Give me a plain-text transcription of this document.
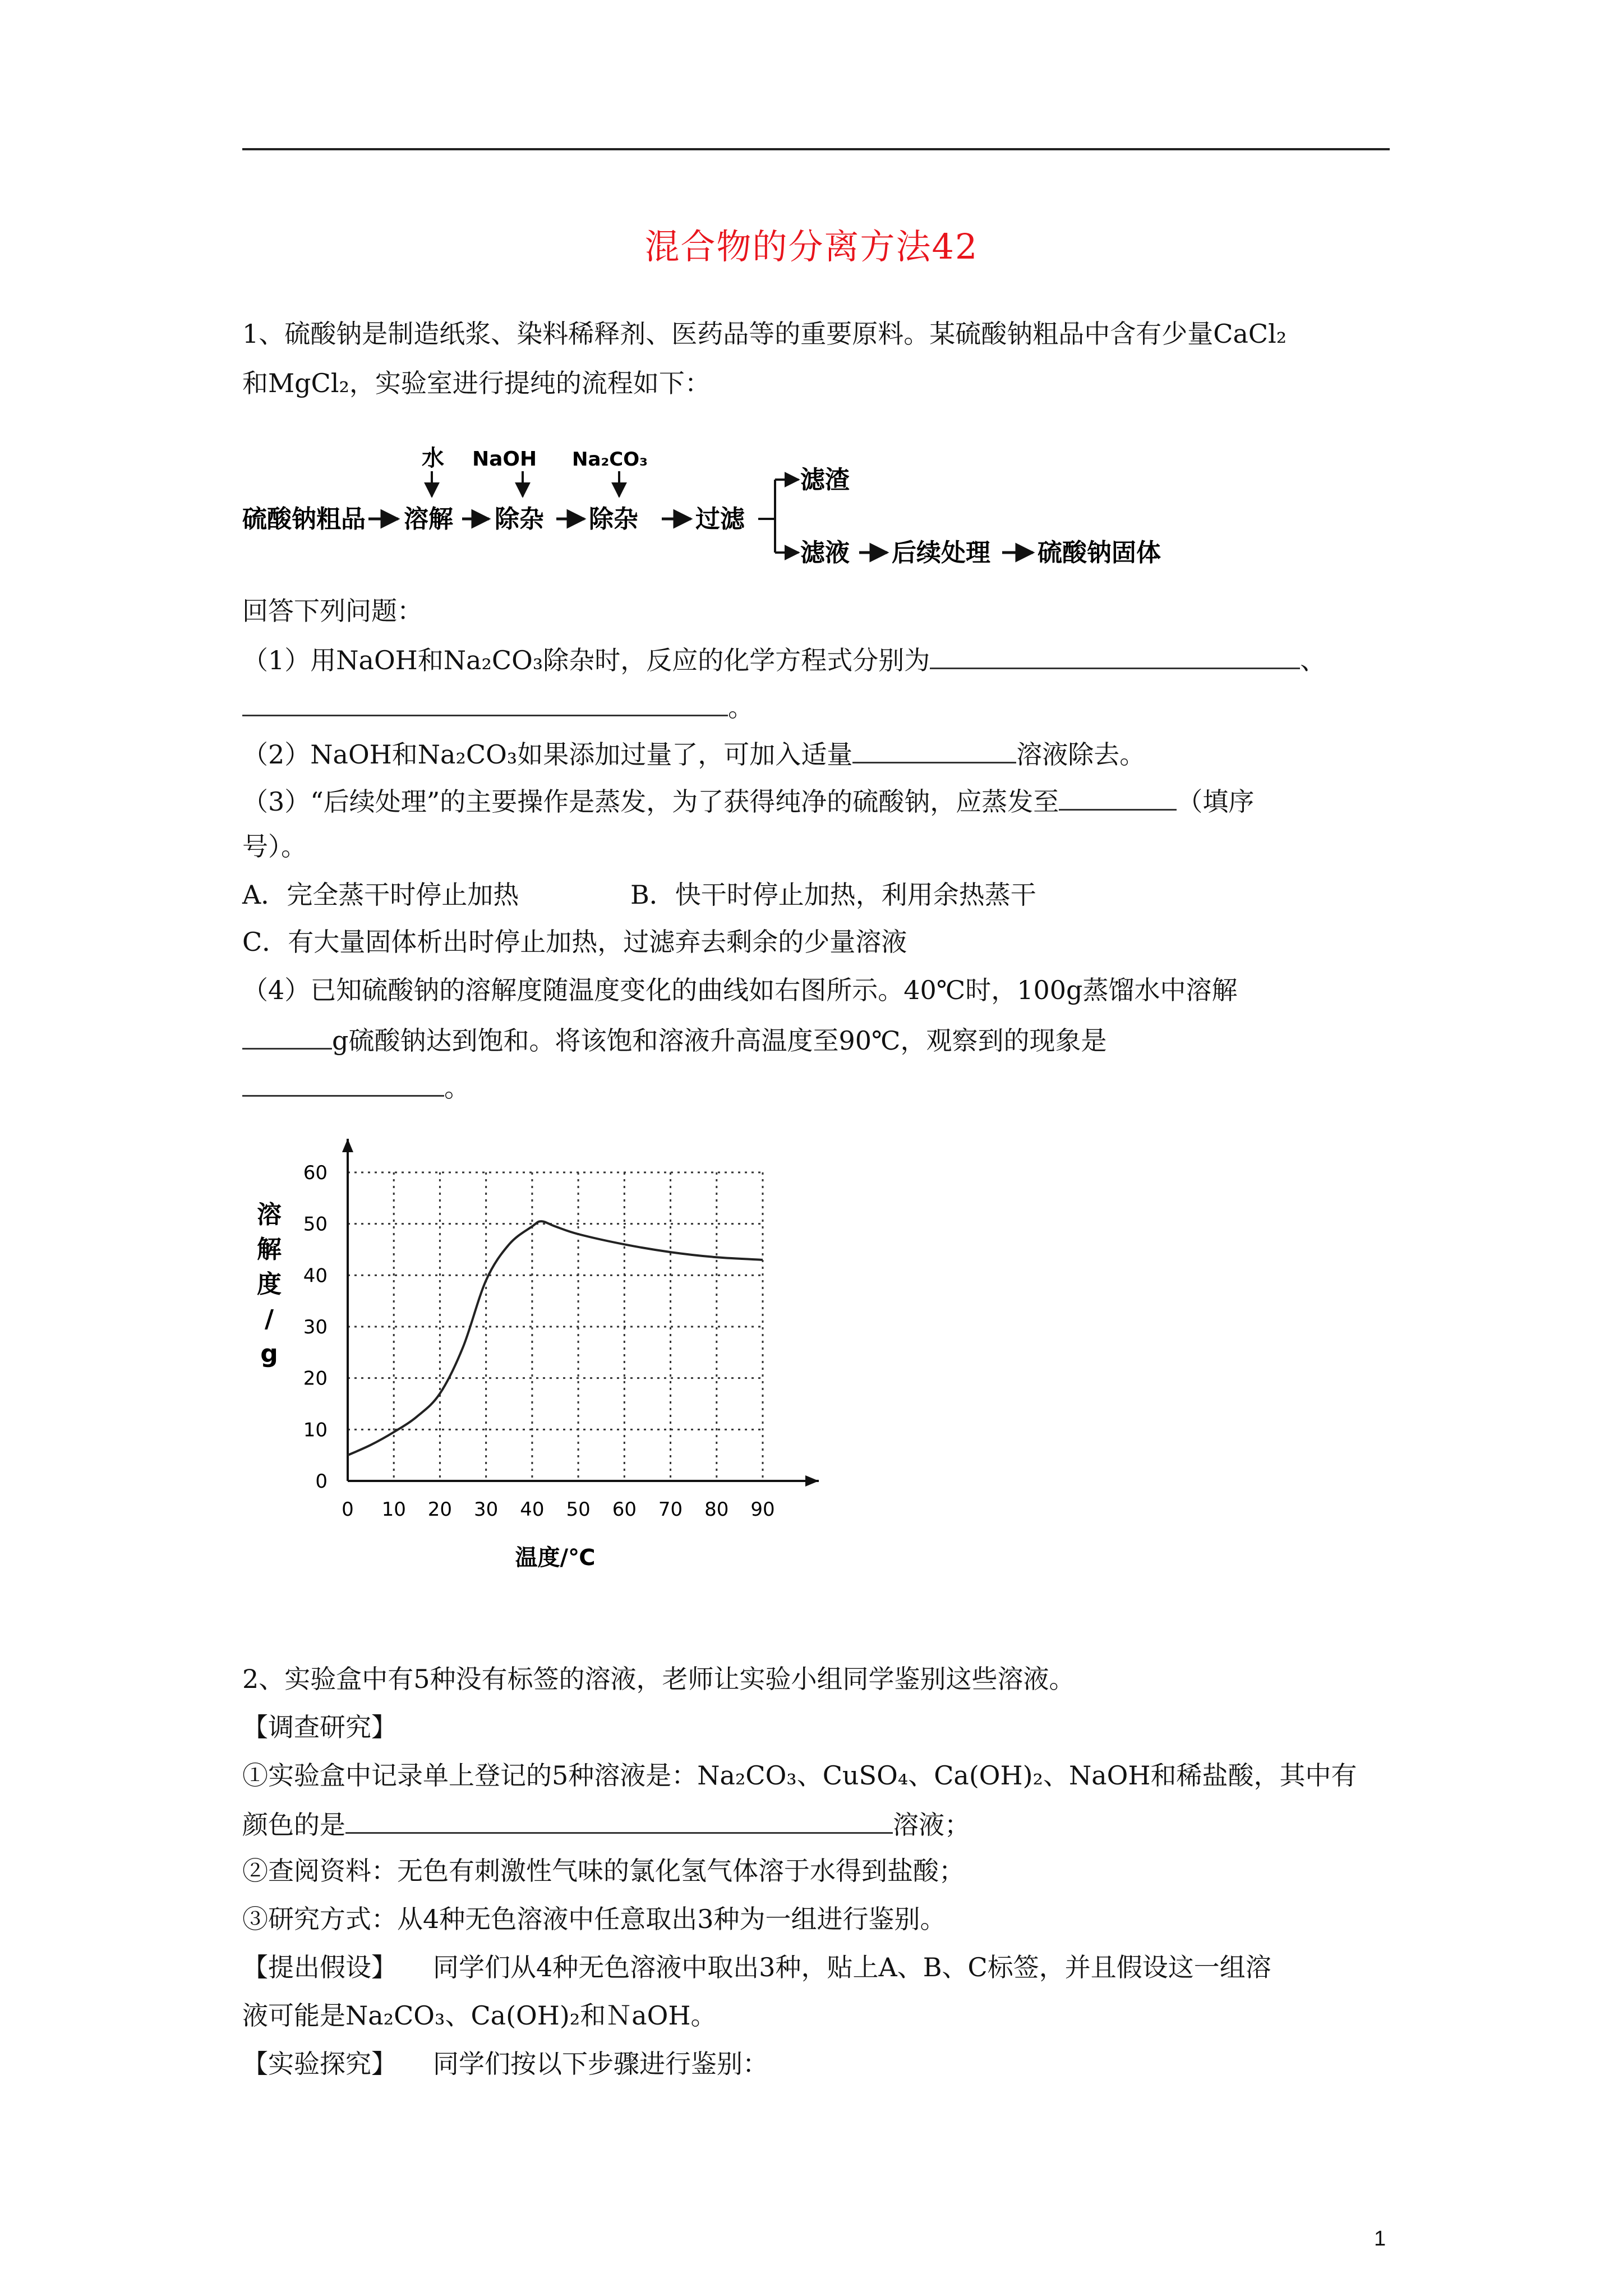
混合物的分离方法42
1、硫酸钠是制造纸浆、染料稀释剂、医药品等的重要原料。某硫酸钠粗品中含有少量CaCl₂
和MgCl₂，实验室进行提纯的流程如下：
硫酸钠粗品
水
溶解
NaOH
除杂
Na₂CO₃
除杂 过滤
滤渣
滤液 后续处理 硫酸钠固体
回答下列问题：
（1）用NaOH和Na₂CO₃除杂时，反应的化学方程式分别为	、
。
（2）NaOH和Na₂CO₃如果添加过量了，可加入适量	溶液除去。
（3）“后续处理”的主要操作是蒸发，为了获得纯净的硫酸钠，应蒸发至	（填序
号）。
A．完全蒸干时停止加热	B．快干时停止加热，利用余热蒸干
C．有大量固体析出时停止加热，过滤弃去剩余的少量溶液
（4）已知硫酸钠的溶解度随温度变化的曲线如右图所示。40℃时，100g蒸馏水中溶解
g硫酸钠达到饱和。将该饱和溶液升高温度至90℃，观察到的现象是
。
0 10 20 30 40 50 60 70 80 90
0
10
20
30
40
50
60
溶
解
度
/
g
温度/℃
2、实验盒中有5种没有标签的溶液，老师让实验小组同学鉴别这些溶液。
【调查研究】
①实验盒中记录单上登记的5种溶液是：Na₂CO₃、CuSO₄、Ca(OH)₂、NaOH和稀盐酸，其中有
颜色的是	溶液；
②查阅资料：无色有刺激性气味的氯化氢气体溶于水得到盐酸；
③研究方式：从4种无色溶液中任意取出3种为一组进行鉴别。
【提出假设】 同学们从4种无色溶液中取出3种，贴上A、B、C标签，并且假设这一组溶
液可能是Na₂CO₃、Ca(OH)₂和ＮaOH。
【实验探究】 同学们按以下步骤进行鉴别：
1
